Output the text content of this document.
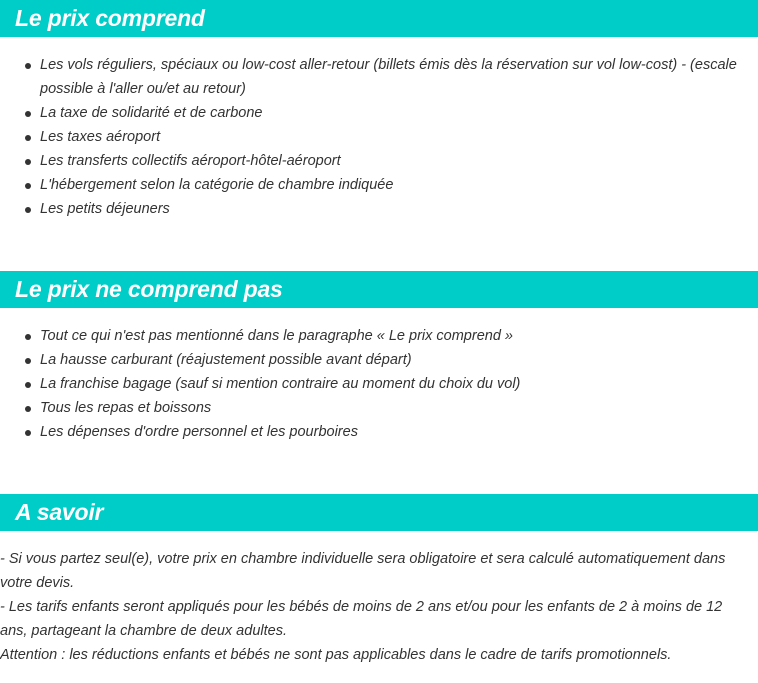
Le prix comprend
Les vols réguliers, spéciaux ou low-cost aller-retour (billets émis dès la réservation sur vol low-cost) - (escale possible à l'aller ou/et au retour)
La taxe de solidarité et de carbone
Les taxes aéroport
Les transferts collectifs aéroport-hôtel-aéroport
L'hébergement selon la catégorie de chambre indiquée
Les petits déjeuners
Le prix ne comprend pas
Tout ce qui n'est pas mentionné dans le paragraphe « Le prix comprend »
La hausse carburant (réajustement possible avant départ)
La franchise bagage (sauf si mention contraire au moment du choix du vol)
Tous les repas et boissons
Les dépenses d'ordre personnel et les pourboires
A savoir

- Si vous partez seul(e), votre prix en chambre individuelle sera obligatoire et sera calculé automatiquement dans votre devis.

- Les tarifs enfants seront appliqués pour les bébés de moins de 2 ans et/ou pour les enfants de 2 à moins de 12 ans, partageant la chambre de deux adultes.

Attention : les réductions enfants et bébés ne sont pas applicables dans le cadre de tarifs promotionnels.
